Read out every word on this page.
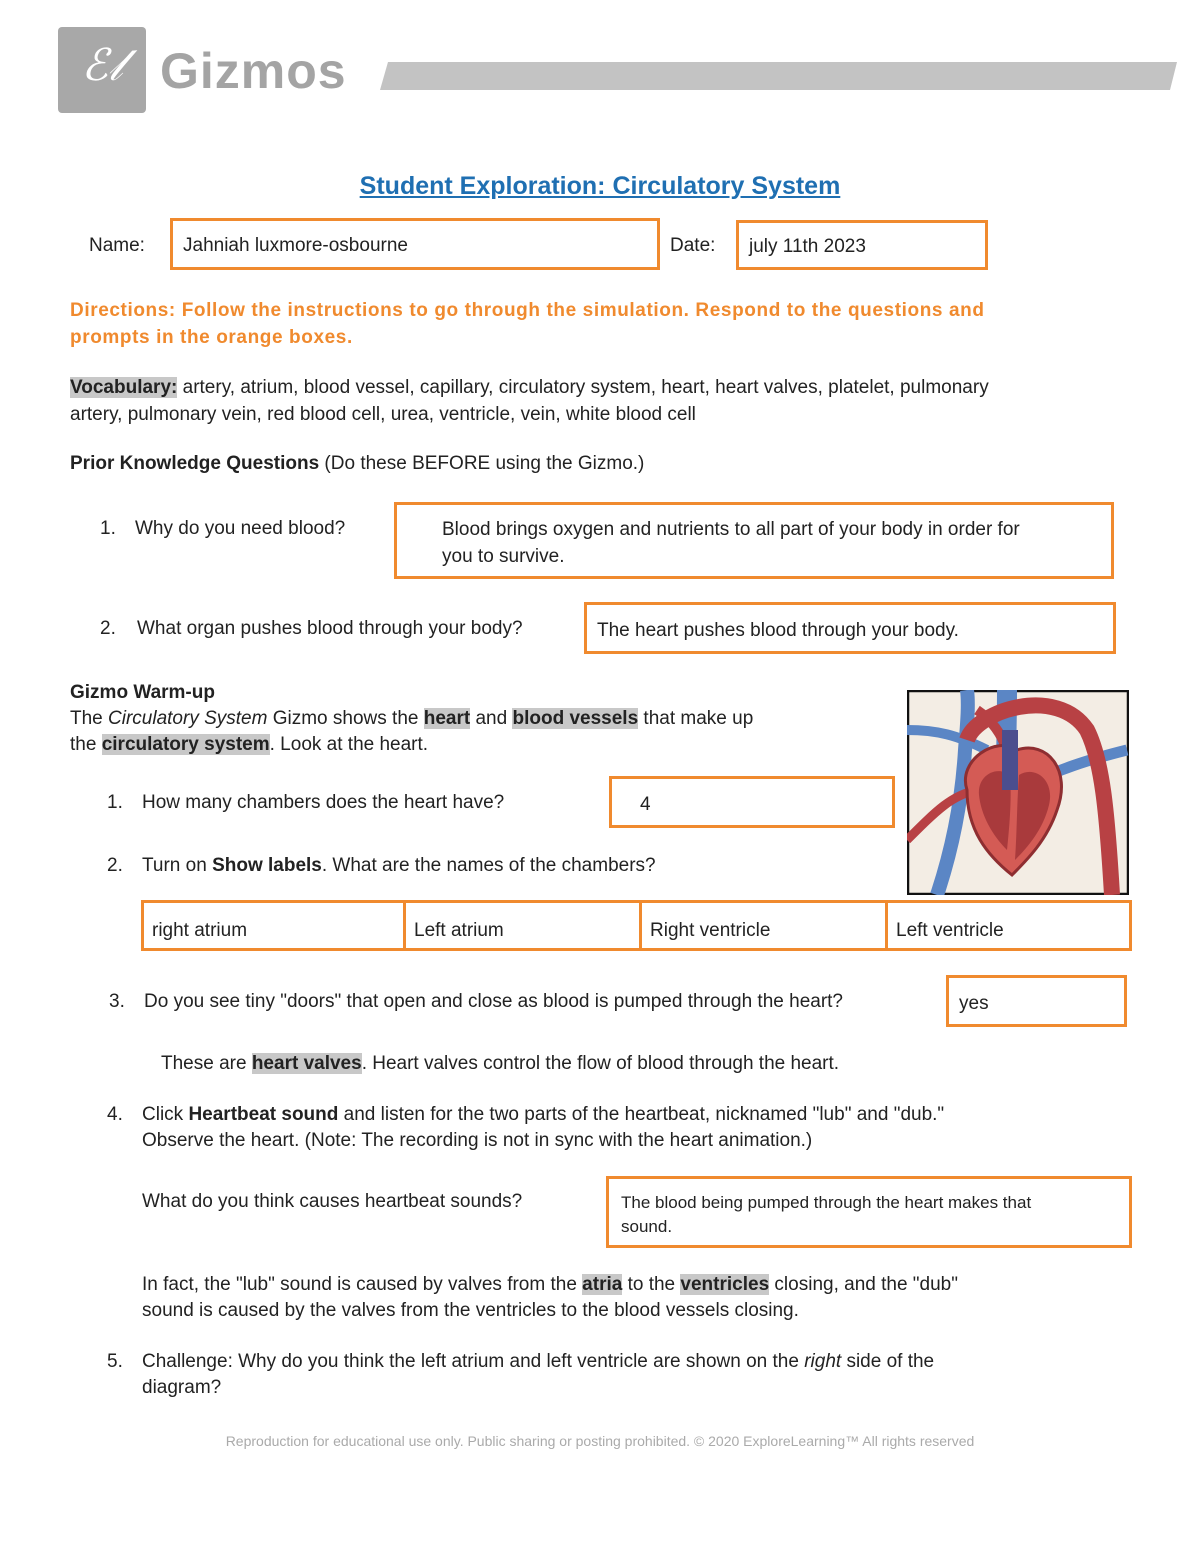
ℰ𝓁 Gizmos
Student Exploration: Circulatory System
Name:	Jahniah luxmore-osbourne	Date:	july 11th 2023
Directions: Follow the instructions to go through the simulation. Respond to the questions and
prompts in the orange boxes.
Vocabulary: artery, atrium, blood vessel, capillary, circulatory system, heart, heart valves, platelet, pulmonary
artery, pulmonary vein, red blood cell, urea, ventricle, vein, white blood cell
Prior Knowledge Questions (Do these BEFORE using the Gizmo.)
1. Why do you need blood?	Blood brings oxygen and nutrients to all part of your body in order for
you to survive.
2. What organ pushes blood through your body?	The heart pushes blood through your body.
Gizmo Warm-up
The Circulatory System Gizmo shows the heart and blood vessels that make up
the circulatory system. Look at the heart.
1. How many chambers does the heart have?	4
2. Turn on Show labels. What are the names of the chambers?
right atrium	Left atrium	Right ventricle	Left ventricle
3. Do you see tiny "doors" that open and close as blood is pumped through the heart?	yes
These are heart valves. Heart valves control the flow of blood through the heart.
4. Click Heartbeat sound and listen for the two parts of the heartbeat, nicknamed "lub" and "dub."
Observe the heart. (Note: The recording is not in sync with the heart animation.)
What do you think causes heartbeat sounds?	The blood being pumped through the heart makes that
sound.
In fact, the "lub" sound is caused by valves from the atria to the ventricles closing, and the "dub"
sound is caused by the valves from the ventricles to the blood vessels closing.
5. Challenge: Why do you think the left atrium and left ventricle are shown on the right side of the
diagram?
Reproduction for educational use only. Public sharing or posting prohibited. © 2020 ExploreLearning™ All rights reserved
